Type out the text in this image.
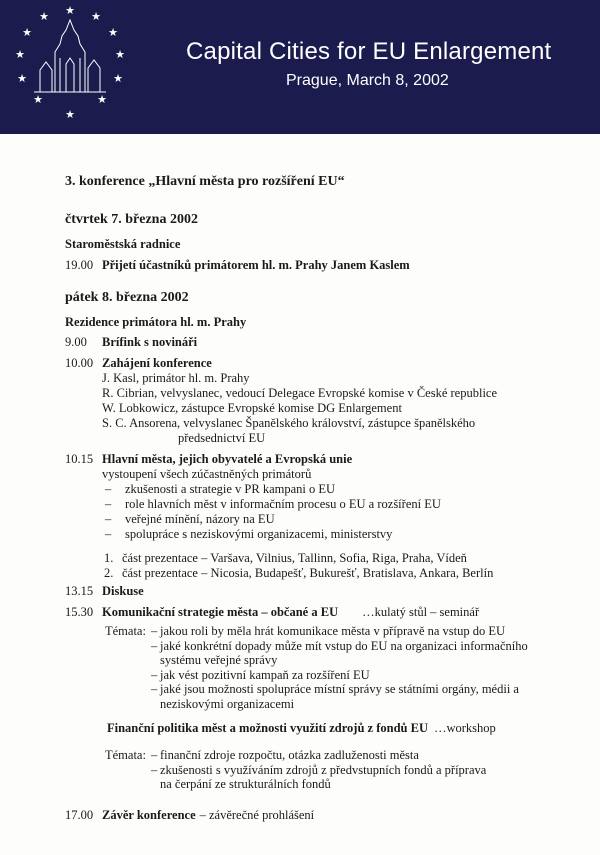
★
★	★
★	★
★	★
★	★
★	★
★
Capital Cities for EU Enlargement
Prague, March 8, 2002
3. konference „Hlavní města pro rozšíření EU“
čtvrtek 7. března 2002
Staroměstská radnice
19.00 Přijetí účastníků primátorem hl. m. Prahy Janem Kaslem
pátek 8. března 2002
Rezidence primátora hl. m. Prahy
9.00	Brífink s novináři
10.00 Zahájení konference
J. Kasl, primátor hl. m. Prahy
R. Cibrian, velvyslanec, vedoucí Delegace Evropské komise v České republice
W. Lobkowicz, zástupce Evropské komise DG Enlargement
S. C. Ansorena, velvyslanec Španělského království, zástupce španělského
předsednictví EU
10.15 Hlavní města, jejich obyvatelé a Evropská unie
vystoupení všech zúčastněných primátorů
–	zkušenosti a strategie v PR kampani o EU
–	role hlavních měst v informačním procesu o EU a rozšíření EU
–	veřejné mínění, názory na EU
–	spolupráce s neziskovými organizacemi, ministerstvy
1. část prezentace – Varšava, Vilnius, Tallinn, Sofia, Riga, Praha, Vídeň
2. část prezentace – Nicosia, Budapešť, Bukurešť, Bratislava, Ankara, Berlín
13.15 Diskuse
15.30 Komunikační strategie města – občané a EU …kulatý stůl – seminář
Témata: – jakou roli by měla hrát komunikace města v přípravě na vstup do EU
– jaké konkrétní dopady může mít vstup do EU na organizaci informačního
systému veřejné správy
– jak vést pozitivní kampaň za rozšíření EU
– jaké jsou možnosti spolupráce místní správy se státními orgány, médii a
neziskovými organizacemi
Finanční politika měst a možnosti využití zdrojů z fondů EU …workshop
Témata: – finanční zdroje rozpočtu, otázka zadluženosti města
– zkušenosti s využíváním zdrojů z předvstupních fondů a příprava
na čerpání ze strukturálních fondů
17.00 Závěr konference – závěrečné prohlášení
